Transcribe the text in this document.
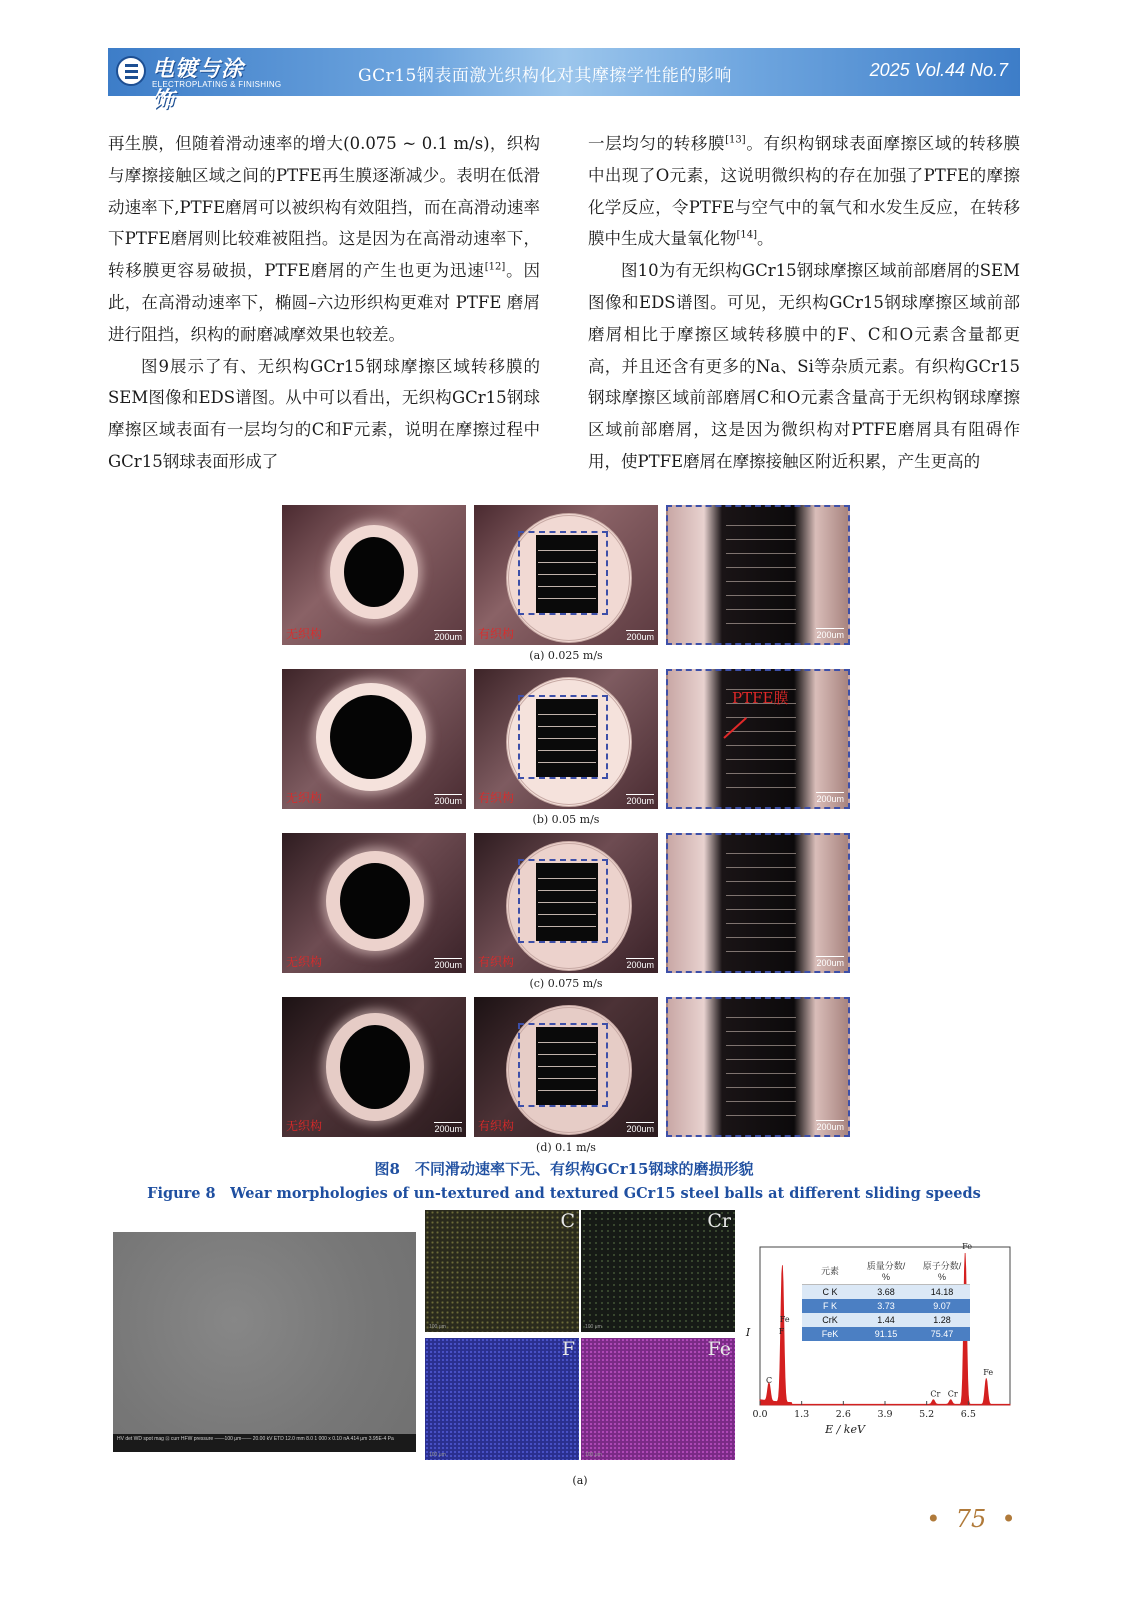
电镀与涂饰
ELECTROPLATING & FINISHING	GCr15钢表面激光织构化对其摩擦学性能的影响	2025 Vol.44 No.7

再生膜，但随着滑动速率的增大(0.075 ~ 0.1 m/s)，织构与摩擦接触区域之间的PTFE再生膜逐渐减少。表明在低滑动速率下,PTFE磨屑可以被织构有效阻挡，而在高滑动速率下PTFE磨屑则比较难被阻挡。这是因为在高滑动速率下，转移膜更容易破损，PTFE磨屑的产生也更为迅速[12]。因此，在高滑动速率下，椭圆–六边形织构更难对 PTFE 磨屑进行阻挡，织构的耐磨减摩效果也较差。

图9展示了有、无织构GCr15钢球摩擦区域转移膜的SEM图像和EDS谱图。从中可以看出，无织构GCr15钢球摩擦区域表面有一层均匀的C和F元素，说明在摩擦过程中GCr15钢球表面形成了

一层均匀的转移膜[13]。有织构钢球表面摩擦区域的转移膜中出现了O元素，这说明微织构的存在加强了PTFE的摩擦化学反应，令PTFE与空气中的氧气和水发生反应，在转移膜中生成大量氧化物[14]。

图10为有无织构GCr15钢球摩擦区域前部磨屑的SEM图像和EDS谱图。可见，无织构GCr15钢球摩擦区域前部磨屑相比于摩擦区域转移膜中的F、C和O元素含量都更高，并且还含有更多的Na、Si等杂质元素。有织构GCr15钢球摩擦区域前部磨屑C和O元素含量高于无织构钢球摩擦区域前部磨屑，这是因为微织构对PTFE磨屑具有阻碍作用，使PTFE磨屑在摩擦接触区附近积累，产生更高的

无织构	200um 有织构	200um	200um
(a) 0.025 m/s
无织构	200um 有织构	200um
PTFE膜
200um
(b) 0.05 m/s
无织构	200um 有织构	200um	200um
(c) 0.075 m/s
无织构	200um 有织构	200um	200um
(d) 0.1 m/s
图8　不同滑动速率下无、有织构GCr15钢球的磨损形貌
Figure 8　Wear morphologies of un-textured and textured GCr15 steel balls at different sliding speeds
HV det WD spot mag ⊡ curr HFW pressure ——100 μm—— 20.00 kV ETD 12.0 mm 8.0 1 000 x 0.10 nA 414 μm 3.95E-4 Pa
C
100 μm
Cr
100 μm
F
100 μm
Fe
100 μm
C
Fe
F
Cr Cr
Fe
Fe
0.0	1.3	2.6	3.9	5.2	6.5
E / keV
I
元素	质量分数/ %	原子分数/ %
C K	3.68	14.18
F K	3.73	9.07
CrK	1.44	1.28
FeK	91.15	75.47
(a)
•  75  •
